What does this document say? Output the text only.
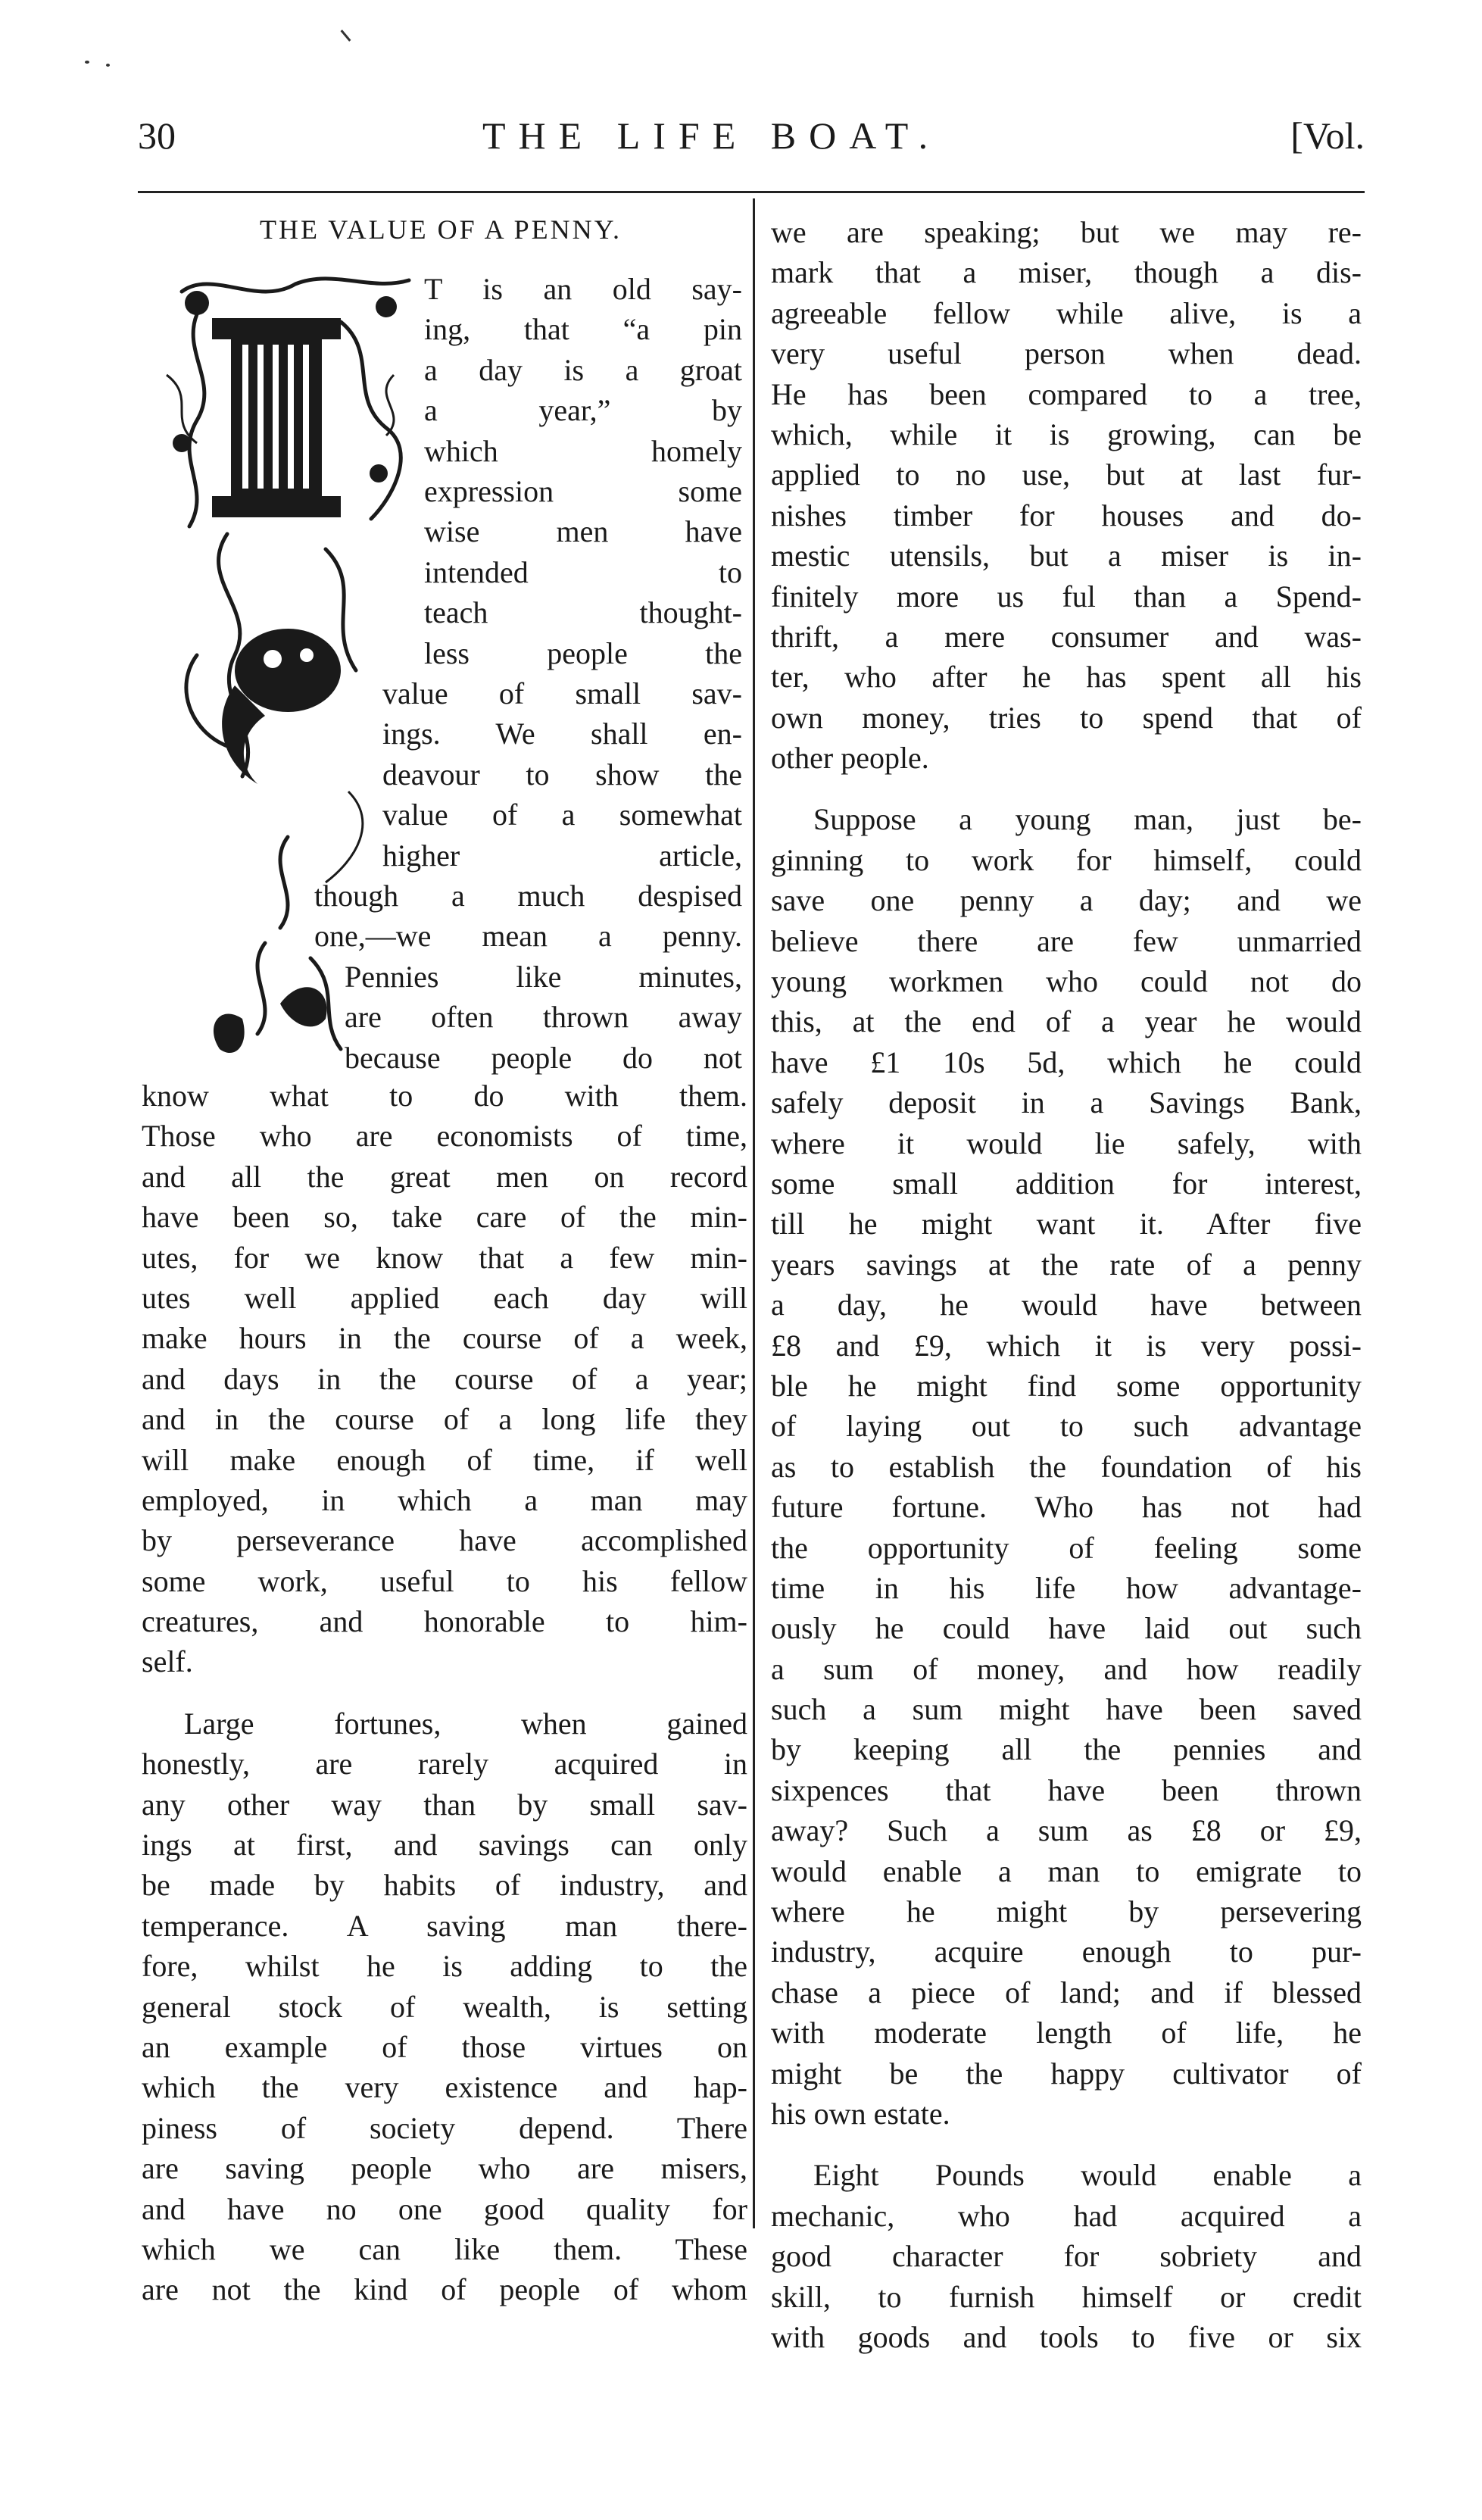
30	THE LIFE BOAT.	[Vol.
THE VALUE OF A PENNY.
T is an old say-
ing, that “a pin
a day is a groat
a year,” by
which homely
expression some
wise men have
intended to
teach thought-
less people the
value of small sav-
ings. We shall en-
deavour to show the
value of a somewhat
higher article,
though a much despised
one,—we mean a penny.
Pennies like minutes,
are often thrown away
because people do not
know what to do with them.
Those who are economists of time,
and all the great men on record
have been so, take care of the min-
utes, for we know that a few min-
utes well applied each day will
make hours in the course of a week,
and days in the course of a year;
and in the course of a long life they
will make enough of time, if well
employed, in which a man may
by perseverance have accomplished
some work, useful to his fellow
creatures, and honorable to him-
self.
Large fortunes, when gained
honestly, are rarely acquired in
any other way than by small sav-
ings at first, and savings can only
be made by habits of industry, and
temperance. A saving man there-
fore, whilst he is adding to the
general stock of wealth, is setting
an example of those virtues on
which the very existence and hap-
piness of society depend. There
are saving people who are misers,
and have no one good quality for
which we can like them. These
are not the kind of people of whom
we are speaking; but we may re-
mark that a miser, though a dis-
agreeable fellow while alive, is a
very useful person when dead.
He has been compared to a tree,
which, while it is growing, can be
applied to no use, but at last fur-
nishes timber for houses and do-
mestic utensils, but a miser is in-
finitely more us ful than a Spend-
thrift, a mere consumer and was-
ter, who after he has spent all his
own money, tries to spend that of
other people.
Suppose a young man, just be-
ginning to work for himself, could
save one penny a day; and we
believe there are few unmarried
young workmen who could not do
this, at the end of a year he would
have £1 10s 5d, which he could
safely deposit in a Savings Bank,
where it would lie safely, with
some small addition for interest,
till he might want it. After five
years savings at the rate of a penny
a day, he would have between
£8 and £9, which it is very possi-
ble he might find some opportunity
of laying out to such advantage
as to establish the foundation of his
future fortune. Who has not had
the opportunity of feeling some
time in his life how advantage-
ously he could have laid out such
a sum of money, and how readily
such a sum might have been saved
by keeping all the pennies and
sixpences that have been thrown
away? Such a sum as £8 or £9,
would enable a man to emigrate to
where he might by persevering
industry, acquire enough to pur-
chase a piece of land; and if blessed
with moderate length of life, he
might be the happy cultivator of
his own estate.
Eight Pounds would enable a
mechanic, who had acquired a
good character for sobriety and
skill, to furnish himself or credit
with goods and tools to five or six
